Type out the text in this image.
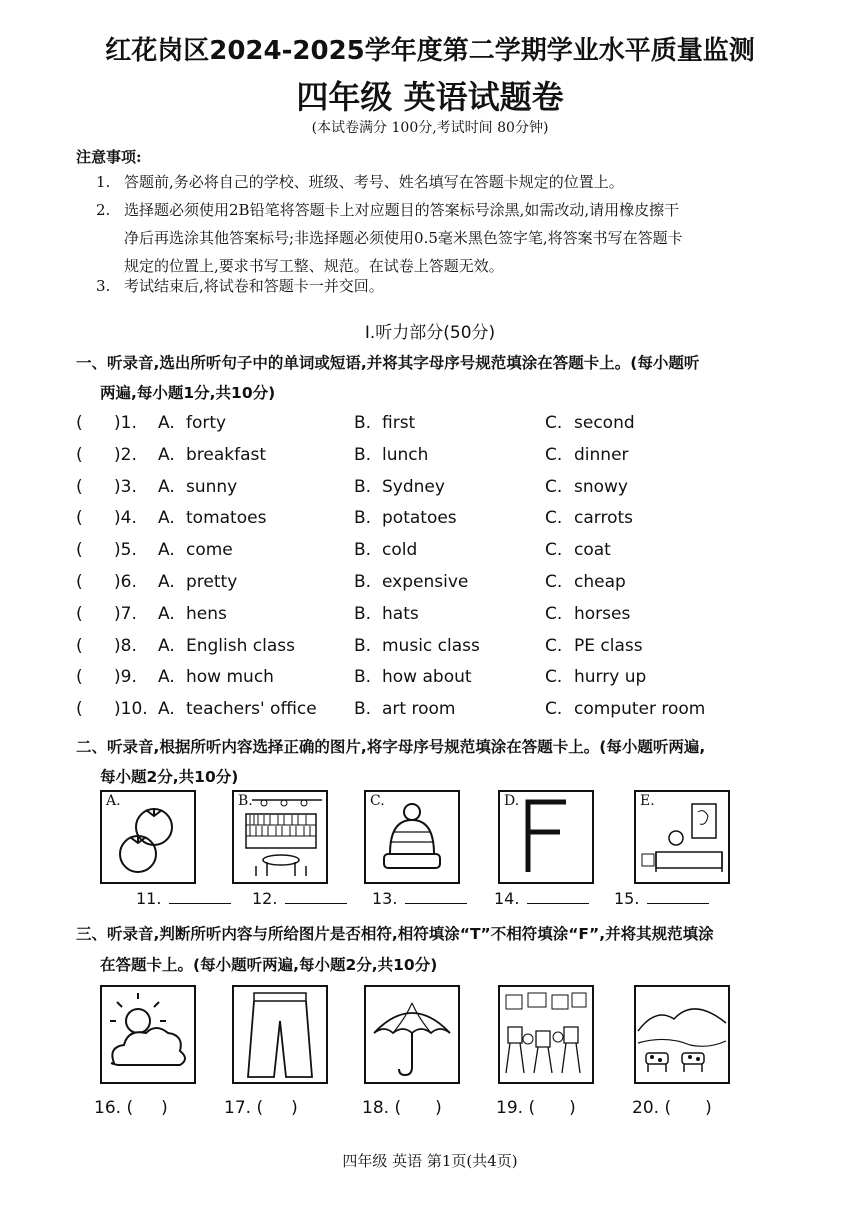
红花岗区2024-2025学年度第二学期学业水平质量监测
四年级 英语试题卷
(本试卷满分 100分,考试时间 80分钟)
注意事项:
1. 答题前,务必将自己的学校、班级、考号、姓名填写在答题卡规定的位置上。
2. 选择题必须使用2B铅笔将答题卡上对应题目的答案标号涂黑,如需改动,请用橡皮擦干
净后再选涂其他答案标号;非选择题必须使用0.5毫米黑色签字笔,将答案书写在答题卡
规定的位置上,要求书写工整、规范。在试卷上答题无效。
3. 考试结束后,将试卷和答题卡一并交回。
Ⅰ.听力部分(50分)
一、听录音,选出所听句子中的单词或短语,并将其字母序号规范填涂在答题卡上。(每小题听
两遍,每小题1分,共10分)
( )1. A. forty	B. first	C. second
( )2. A. breakfast	B. lunch	C. dinner
( )3. A. sunny	B. Sydney	C. snowy
( )4. A. tomatoes	B. potatoes	C. carrots
( )5. A. come	B. cold	C. coat
( )6. A. pretty	B. expensive	C. cheap
( )7. A. hens	B. hats	C. horses
( )8. A. English class	B. music class	C. PE class
( )9. A. how much	B. how about	C. hurry up
( )10. A. teachers' office B. art room	C. computer room
二、听录音,根据所听内容选择正确的图片,将字母序号规范填涂在答题卡上。(每小题听两遍,
每小题2分,共10分)
A.	B.	C.	D.	E.
11.	12.	13.	14.	15.
三、听录音,判断所听内容与所给图片是否相符,相符填涂“T”不相符填涂“F”,并将其规范填涂
在答题卡上。(每小题听两遍,每小题2分,共10分)
16. ( )	17. ( )	18. ( )	19. ( )	20. ( )
四年级 英语 第1页(共4页)
